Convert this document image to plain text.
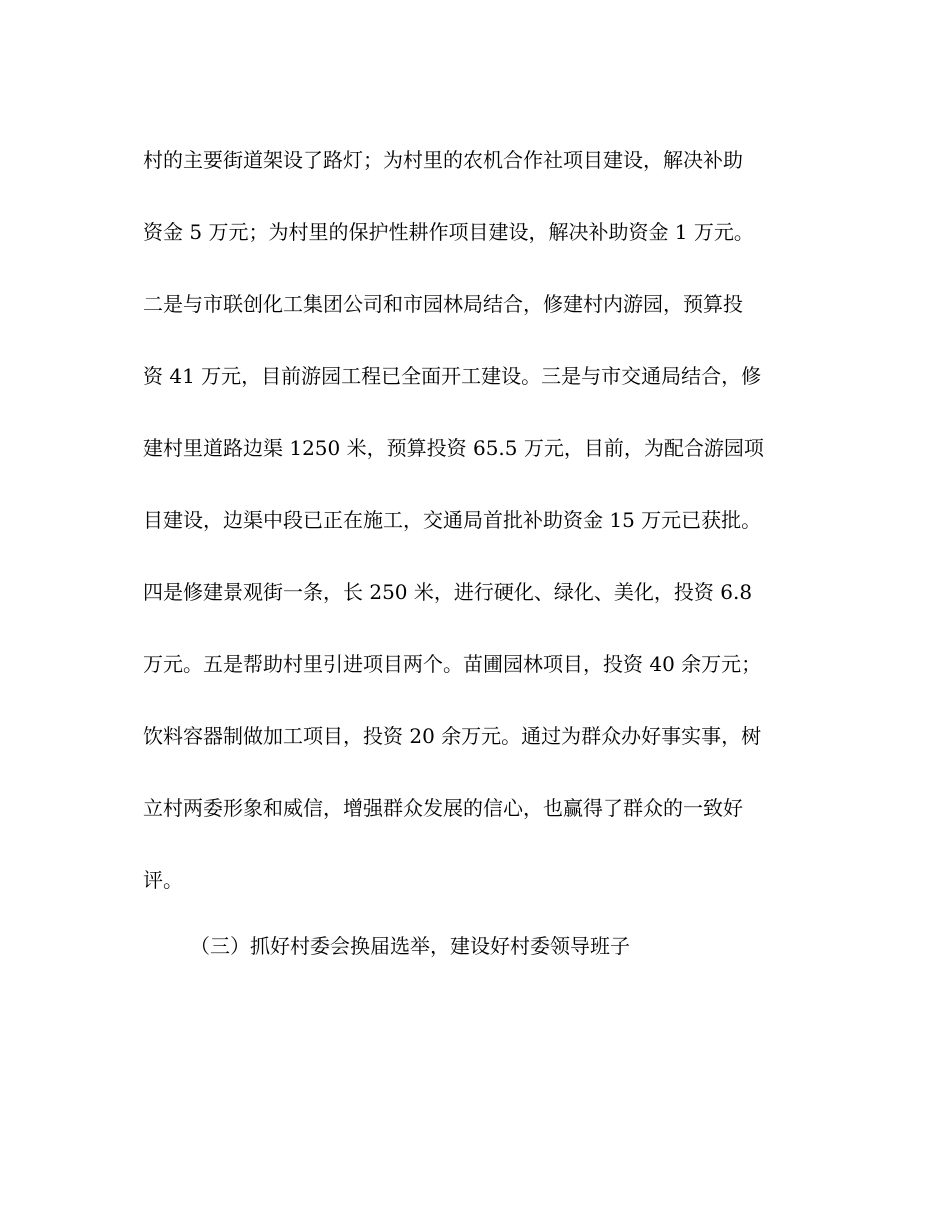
村的主要街道架设了路灯；为村里的农机合作社项目建设，解决补助
资金 5 万元；为村里的保护性耕作项目建设，解决补助资金 1 万元。
二是与市联创化工集团公司和市园林局结合，修建村内游园，预算投
资 41 万元，目前游园工程已全面开工建设。三是与市交通局结合，修
建村里道路边渠 1250 米，预算投资 65.5 万元，目前，为配合游园项
目建设，边渠中段已正在施工，交通局首批补助资金 15 万元已获批。
四是修建景观街一条，长 250 米，进行硬化、绿化、美化，投资 6.8
万元。五是帮助村里引进项目两个。苗圃园林项目，投资 40 余万元；
饮料容器制做加工项目，投资 20 余万元。通过为群众办好事实事，树
立村两委形象和威信，增强群众发展的信心，也赢得了群众的一致好
评。
（三）抓好村委会换届选举，建设好村委领导班子
